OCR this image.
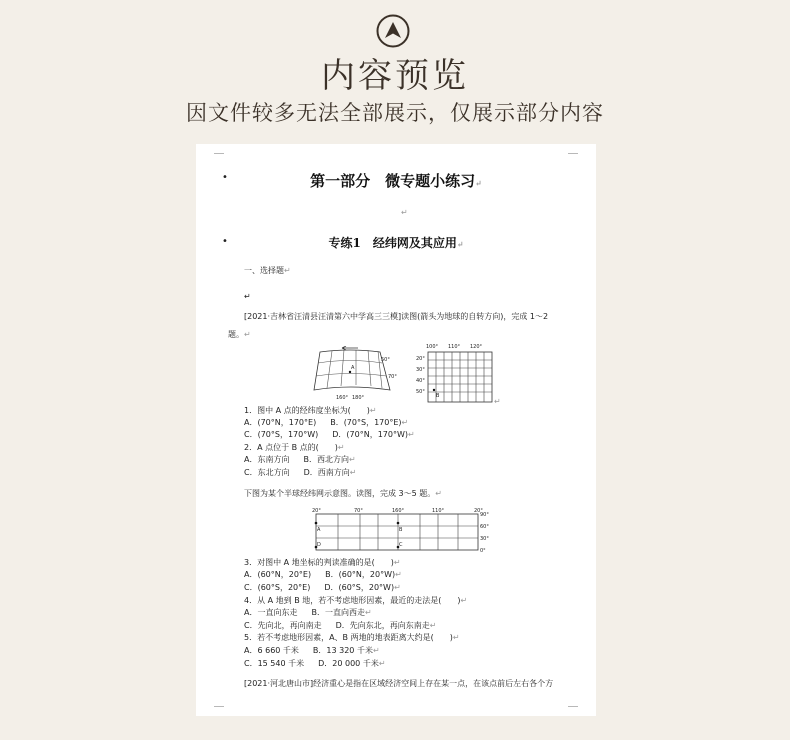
内容预览
因文件较多无法全部展示，仅展示部分内容
•	第一部分　微专题小练习↵
↵
•	专练1　经纬网及其应用↵
一、选择题↵
↵
[2021·吉林省汪清县汪清第六中学高三三模]读图(箭头为地球的自转方向)，完成 1～2
题。↵
A
50°
70°
160° 180°	B
100° 110° 120°
20°
30°
40°
50°
↵
1．图中 A 点的经纬度坐标为(　　)↵
A．(70°N，170°E) B．(70°S，170°E)↵
C．(70°S，170°W) D．(70°N，170°W)↵
2．A 点位于 B 点的(　　)↵
A．东南方向 B．西北方向↵
C．东北方向 D．西南方向↵
下图为某个半球经纬网示意图。读图，完成 3～5 题。↵
A	B
D	C
20°	70°	160°	110°	20°
90°
60°
30°
0°
3．对图中 A 地坐标的判读准确的是(　　)↵
A．(60°N，20°E) B．(60°N，20°W)↵
C．(60°S，20°E) D．(60°S，20°W)↵
4．从 A 地到 B 地，若不考虑地形因素，最近的走法是(　　)↵
A．一直向东走 B．一直向西走↵
C．先向北，再向南走 D．先向东北，再向东南走↵
5．若不考虑地形因素，A、B 两地的地表距离大约是(　　)↵
A．6 660 千米 B．13 320 千米↵
C．15 540 千米 D．20 000 千米↵
[2021·河北唐山市]经济重心是指在区域经济空间上存在某一点，在该点前后左右各个方
